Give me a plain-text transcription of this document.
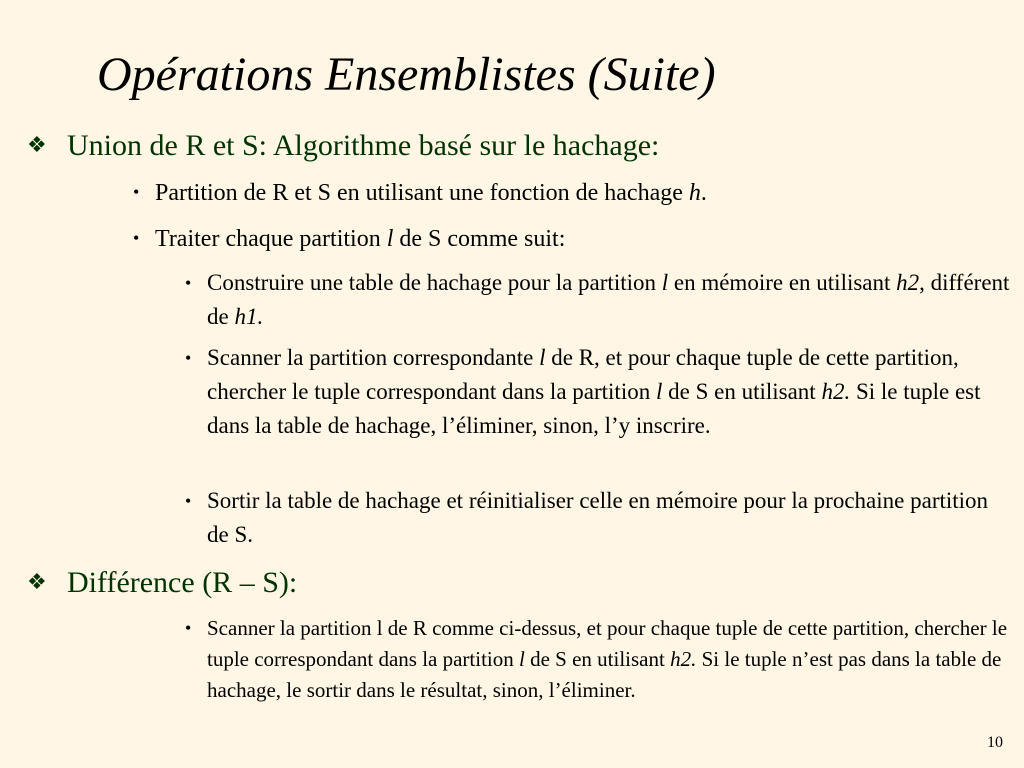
Opérations Ensemblistes (Suite)
❖ Union de R et S: Algorithme basé sur le hachage:
• Partition de R et S en utilisant une fonction de hachage h.
• Traiter chaque partition l de S comme suit:
• Construire une table de hachage pour la partition l en mémoire en utilisant h2, différent de h1.
• Scanner la partition correspondante l de R, et pour chaque tuple de cette partition, chercher le tuple correspondant dans la partition l de S en utilisant h2. Si le tuple est dans la table de hachage, l’éliminer, sinon, l’y inscrire.
• Sortir la table de hachage et réinitialiser celle en mémoire pour la prochaine partition de S.
❖ Différence (R – S):
• Scanner la partition l de R comme ci-dessus, et pour chaque tuple de cette partition, chercher le tuple correspondant dans la partition l de S en utilisant h2. Si le tuple n’est pas dans la table de hachage, le sortir dans le résultat, sinon, l’éliminer.
10
